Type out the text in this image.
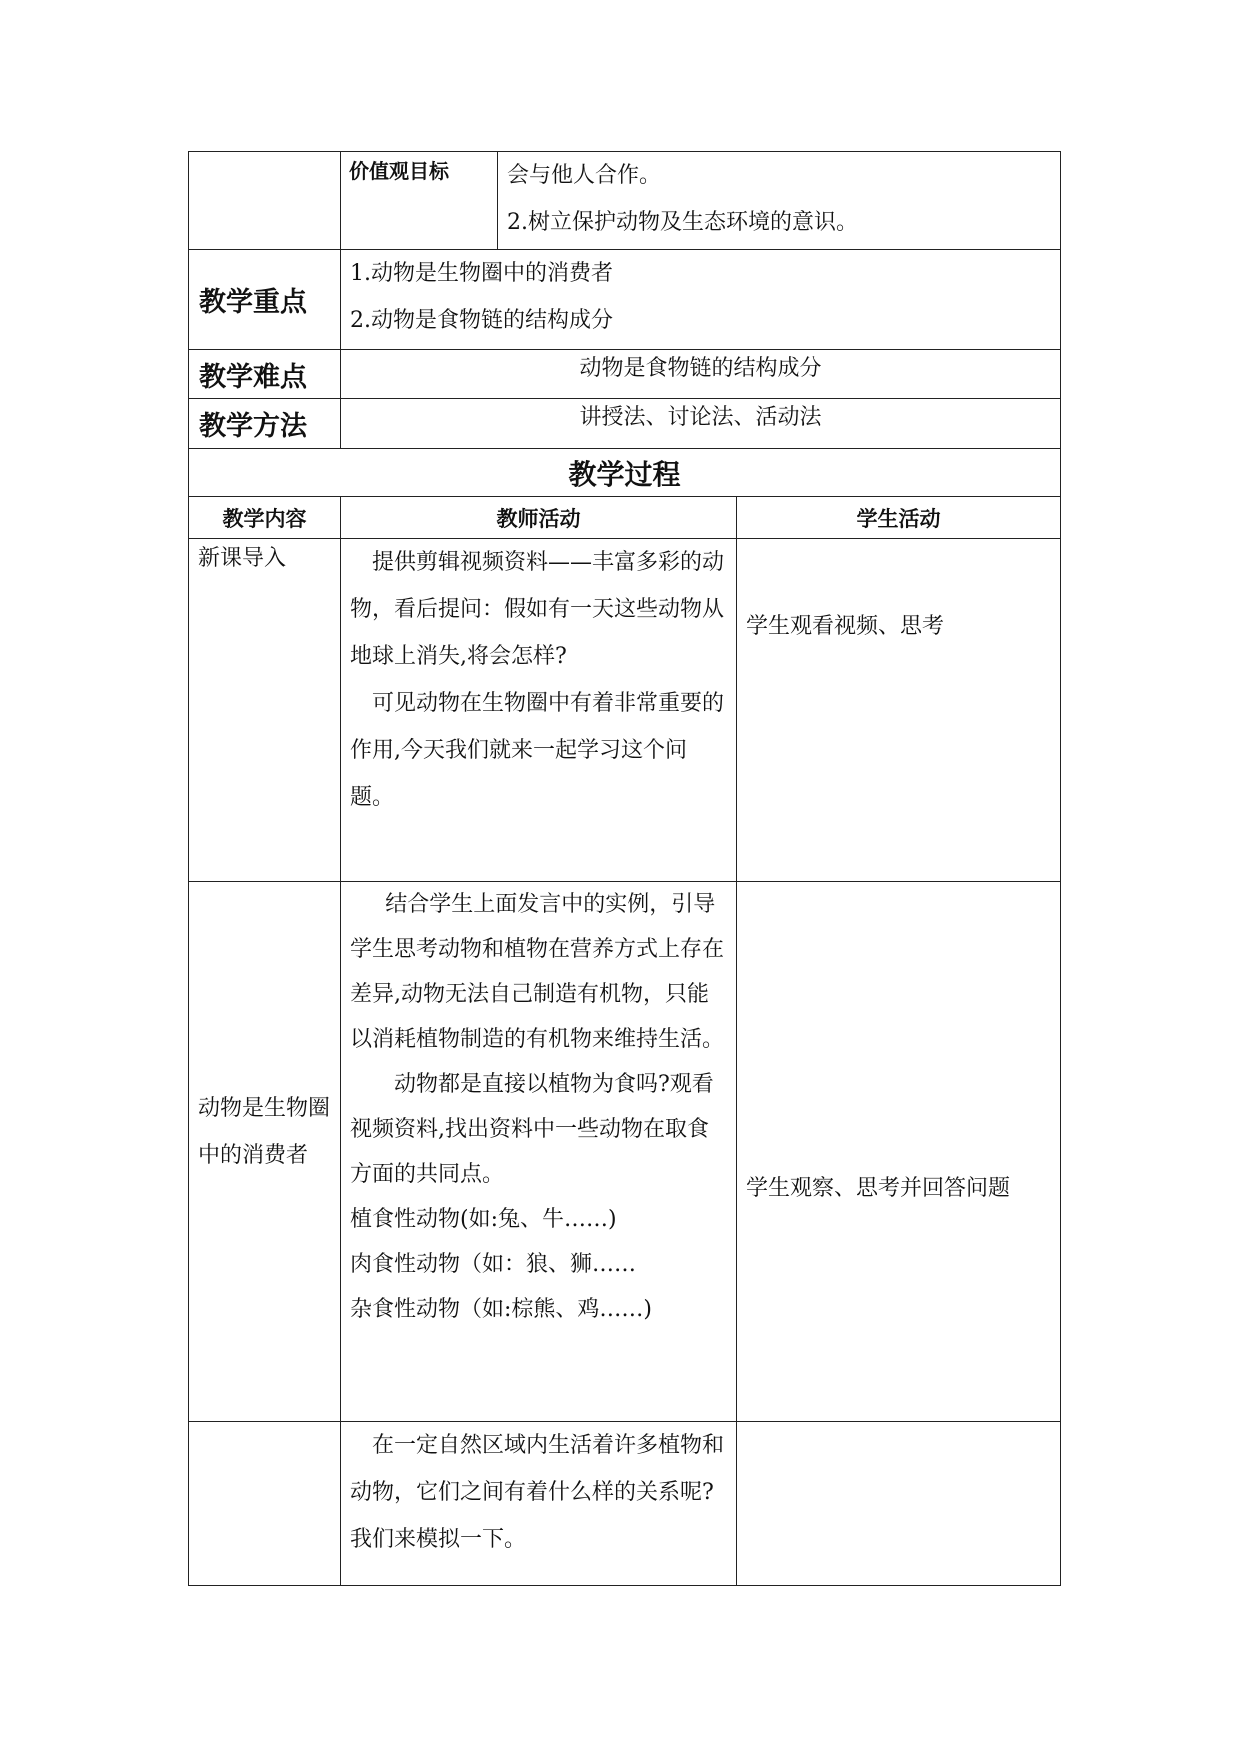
	价值观目标	会与他人合作。

2.树立保护动物及生态环境的意识。	

教学重点	1.动物是生物圈中的消费者

2.动物是食物链的结构成分		

教学难点	动物是食物链的结构成分		
教学方法	讲授法、讨论法、活动法		
教学过程			
教学内容	教师活动		学生活动
新课导入	提供剪辑视频资料——丰富多彩的动物，看后提问：假如有一天这些动物从地球上消失,将会怎样?

可见动物在生物圈中有着非常重要的作用,今天我们就来一起学习这个问题。		学生观看视频、思考
动物是生物圈中的消费者	结合学生上面发言中的实例，引导学生思考动物和植物在营养方式上存在差异,动物无法自己制造有机物，只能以消耗植物制造的有机物来维持生活。

动物都是直接以植物为食吗?观看视频资料,找出资料中一些动物在取食方面的共同点。

植食性动物(如:兔、牛……)

肉食性动物（如：狼、狮……

杂食性动物（如:棕熊、鸡……)		学生观察、思考并回答问题

	在一定自然区域内生活着许多植物和动物，它们之间有着什么样的关系呢?我们来模拟一下。		
